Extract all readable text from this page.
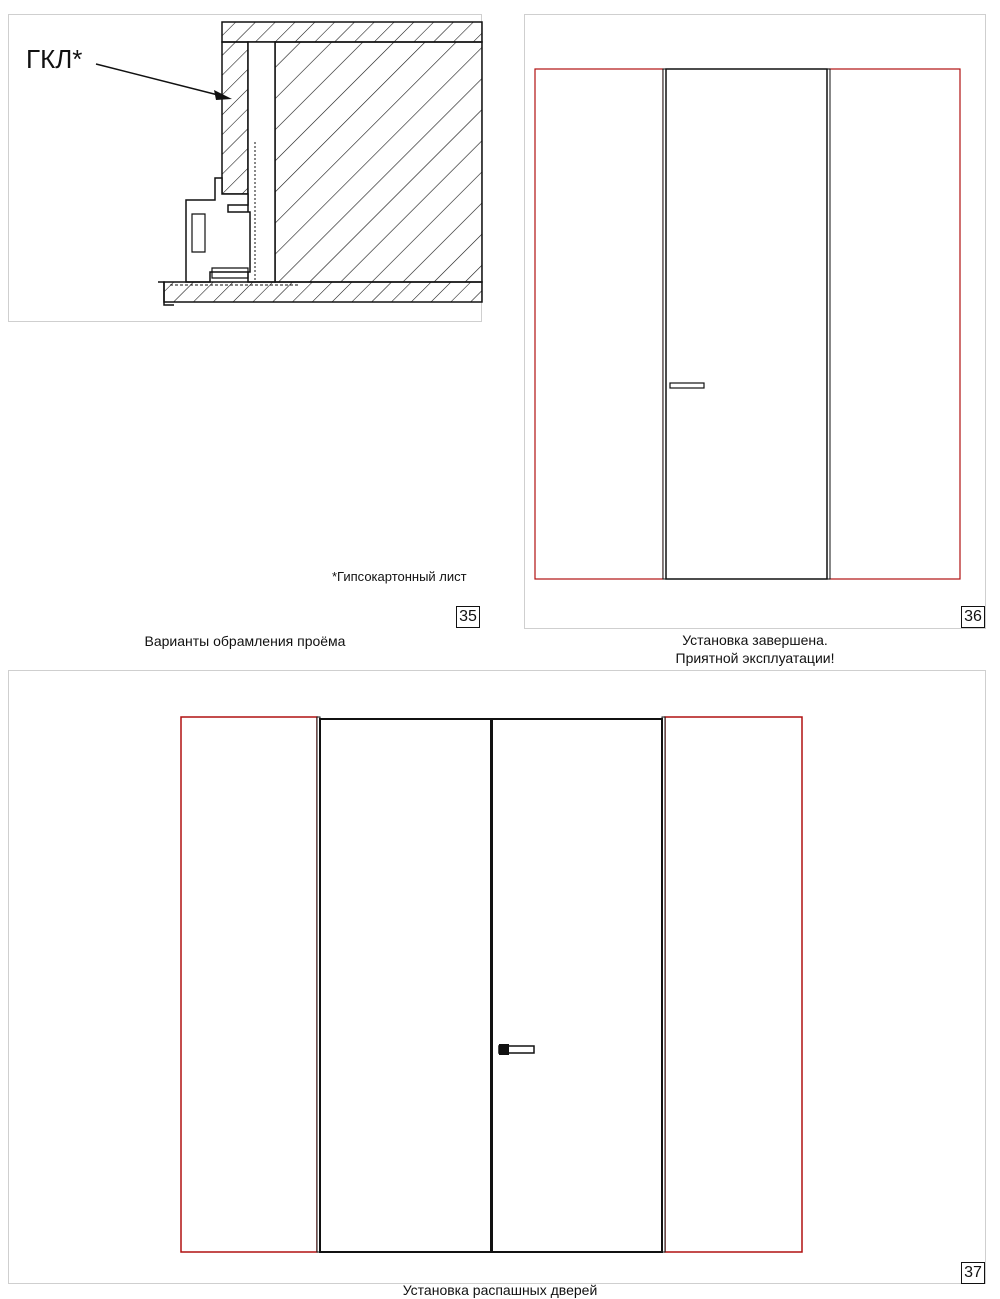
ГКЛ*
*Гипсокартонный лист
35
Варианты обрамления проёма
36
Установка завершена.
Приятной эксплуатации!
37
Установка распашных дверей
